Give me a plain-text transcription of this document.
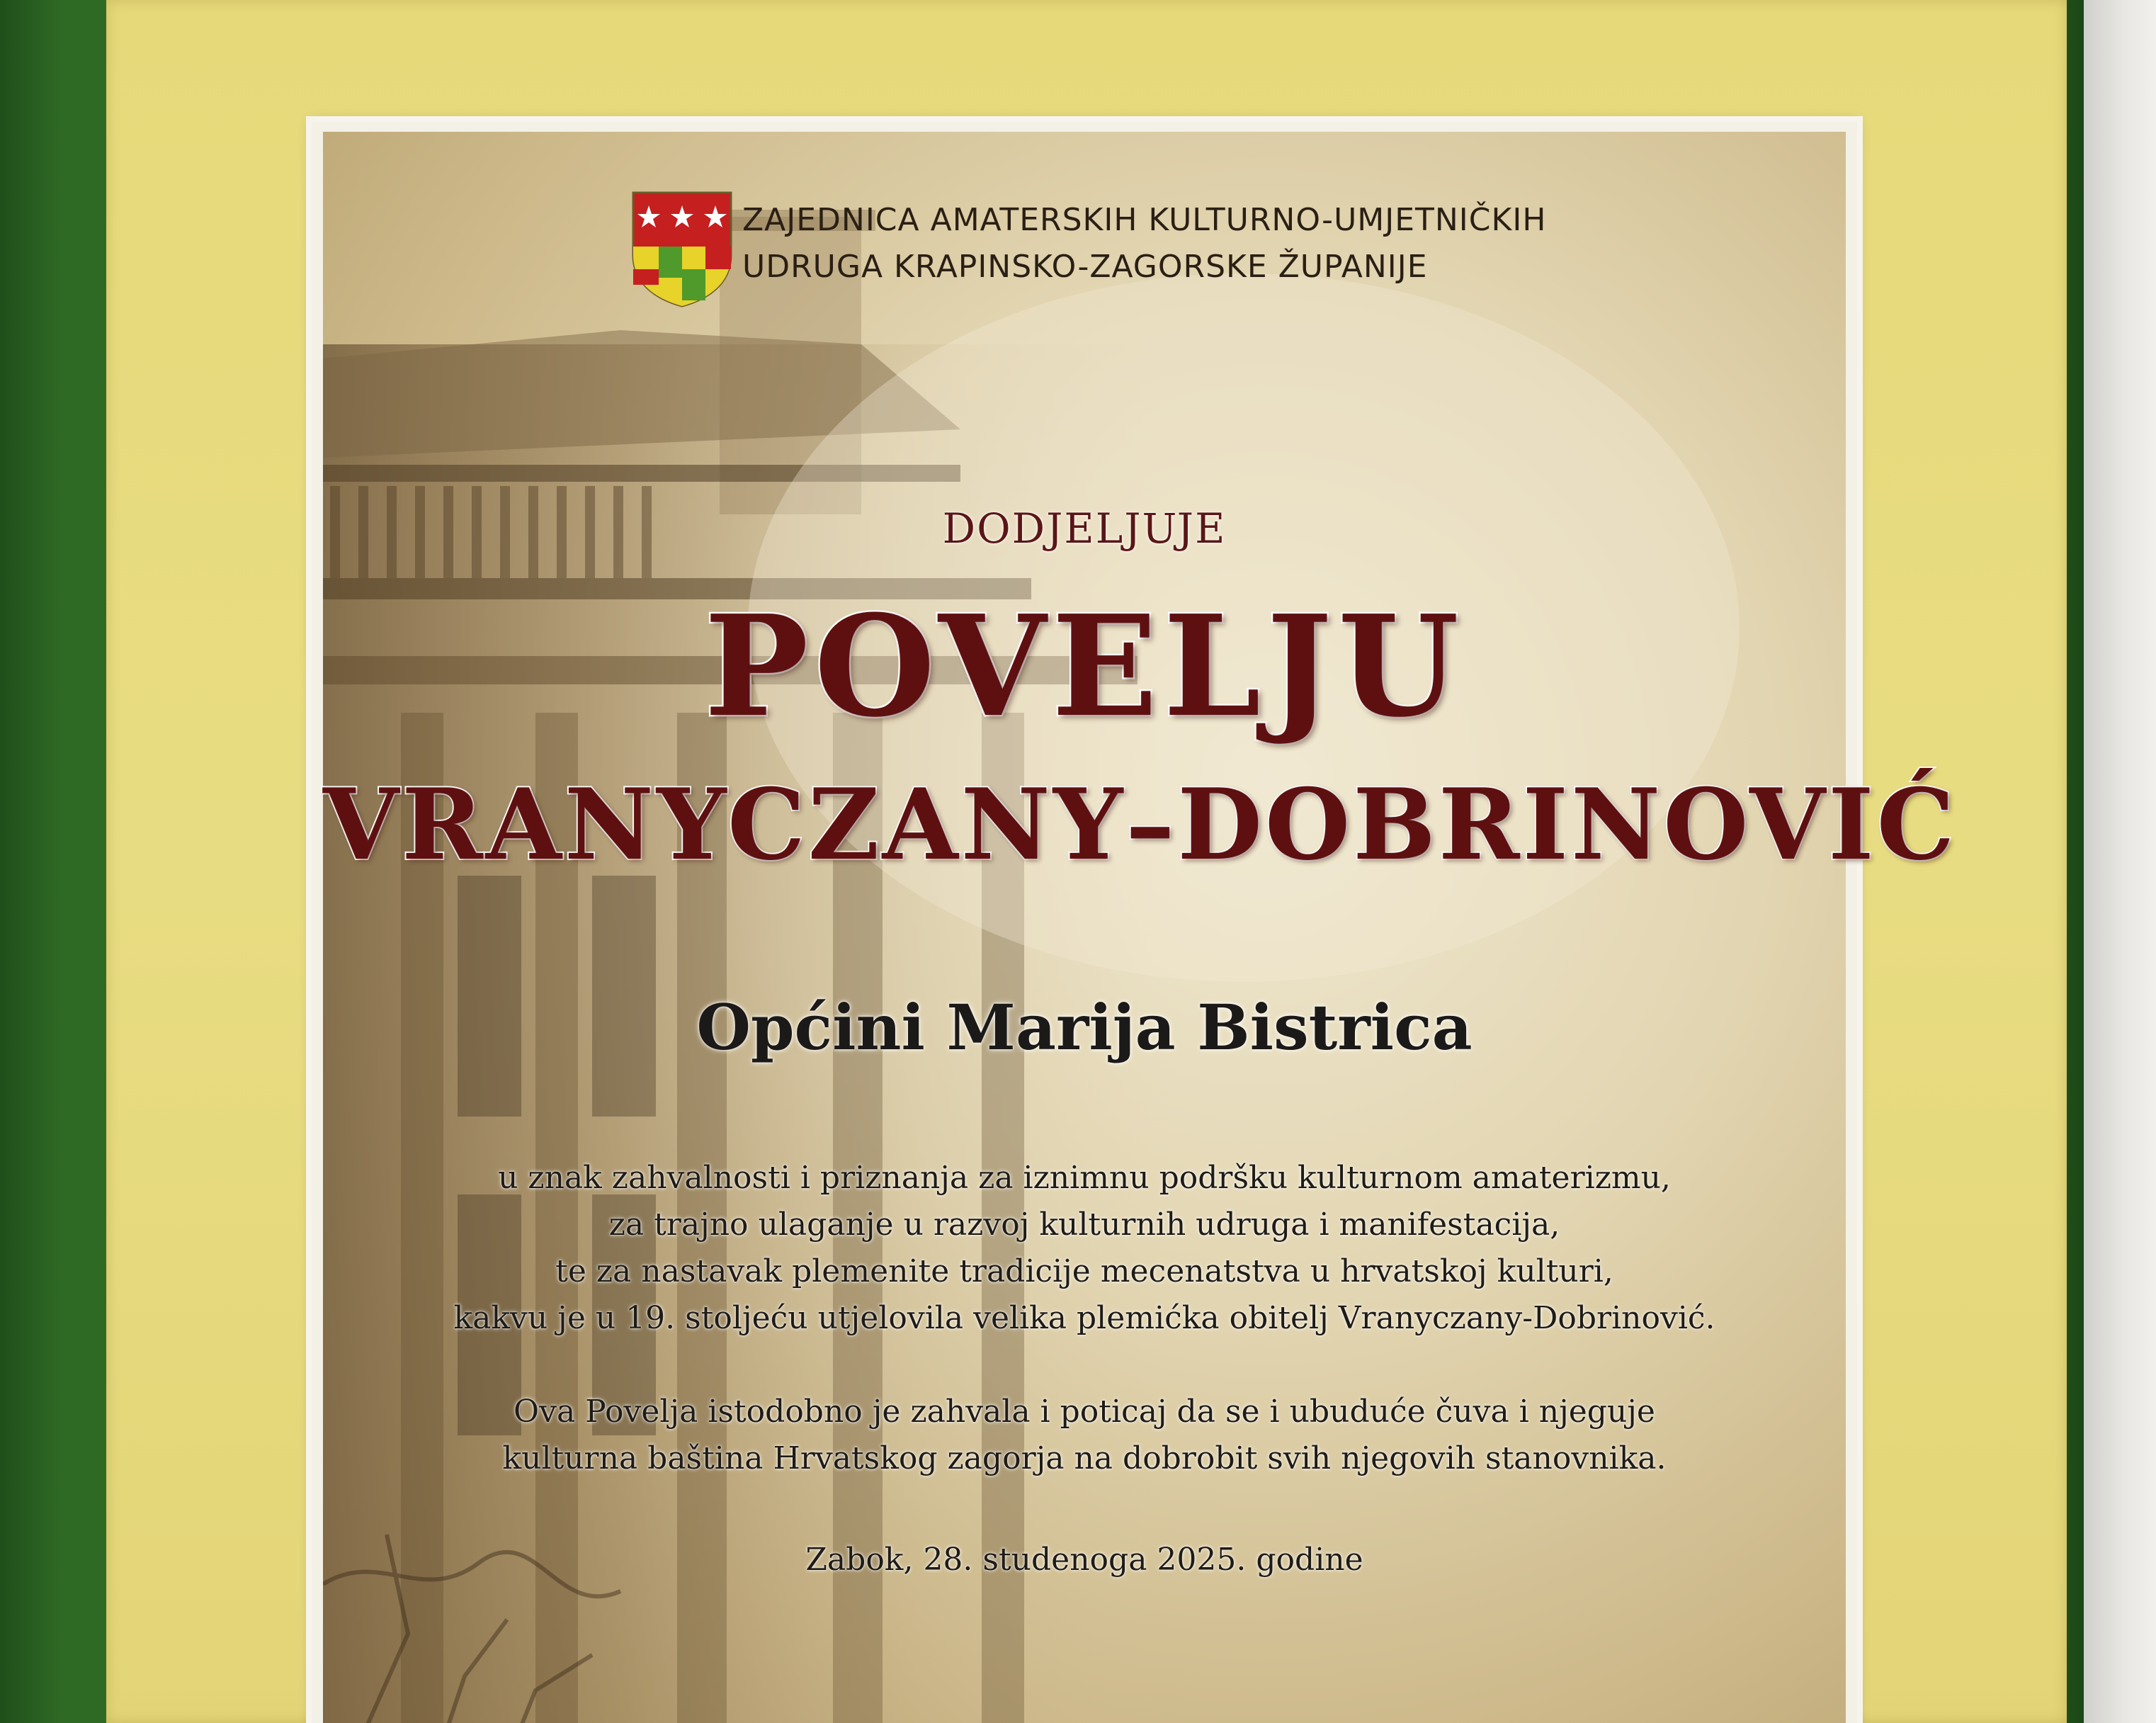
ZAJEDNICA AMATERSKIH KULTURNO-UMJETNIČKIH
UDRUGA KRAPINSKO-ZAGORSKE ŽUPANIJE
DODJELJUJE
POVELJU
VRANYCZANY–DOBRINOVIĆ
Općini Marija Bistrica
u znak zahvalnosti i priznanja za iznimnu podršku kulturnom amaterizmu,
za trajno ulaganje u razvoj kulturnih udruga i manifestacija,
te za nastavak plemenite tradicije mecenatstva u hrvatskoj kulturi,
kakvu je u 19. stoljeću utjelovila velika plemićka obitelj Vranyczany-Dobrinović.
Ova Povelja istodobno je zahvala i poticaj da se i ubuduće čuva i njeguje
kulturna baština Hrvatskog zagorja na dobrobit svih njegovih stanovnika.
Zabok, 28. studenoga 2025. godine
